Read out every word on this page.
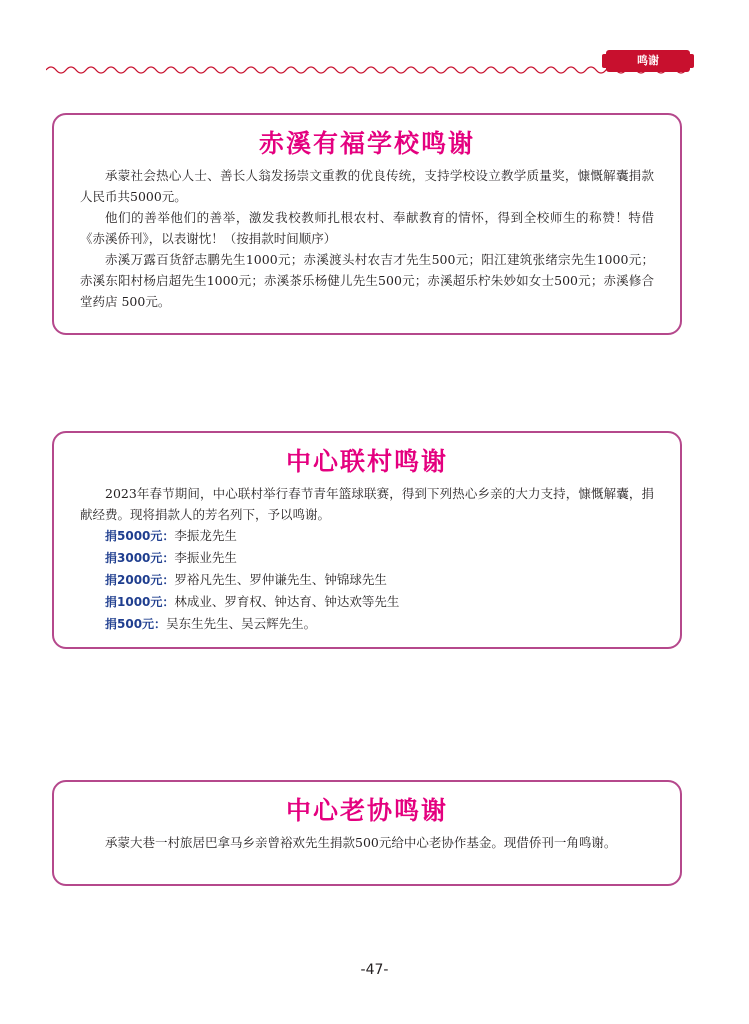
鸣谢
赤溪有福学校鸣谢

承蒙社会热心人士、善长人翁发扬崇文重教的优良传统，支持学校设立教学质量奖，慷慨解囊捐款人民币共5000元。

他们的善举他们的善举，激发我校教师扎根农村、奉献教育的情怀，得到全校师生的称赞！特借《赤溪侨刊》，以表谢忱！（按捐款时间顺序）

赤溪万露百货舒志鹏先生1000元；赤溪渡头村农吉才先生500元；阳江建筑张绪宗先生1000元；赤溪东阳村杨启超先生1000元；赤溪茶乐杨健儿先生500元；赤溪超乐柠朱妙如女士500元；赤溪修合堂药店 500元。

中心联村鸣谢

2023年春节期间，中心联村举行春节青年篮球联赛，得到下列热心乡亲的大力支持，慷慨解囊，捐献经费。现将捐款人的芳名列下，予以鸣谢。

捐5000元：李振龙先生
捐3000元：李振业先生
捐2000元：罗裕凡先生、罗仲谦先生、钟锦球先生
捐1000元：林成业、罗育权、钟达育、钟达欢等先生
捐500元：吴东生先生、吴云辉先生。
中心老协鸣谢

承蒙大巷一村旅居巴拿马乡亲曾裕欢先生捐款500元给中心老协作基金。现借侨刊一角鸣谢。

-47-
